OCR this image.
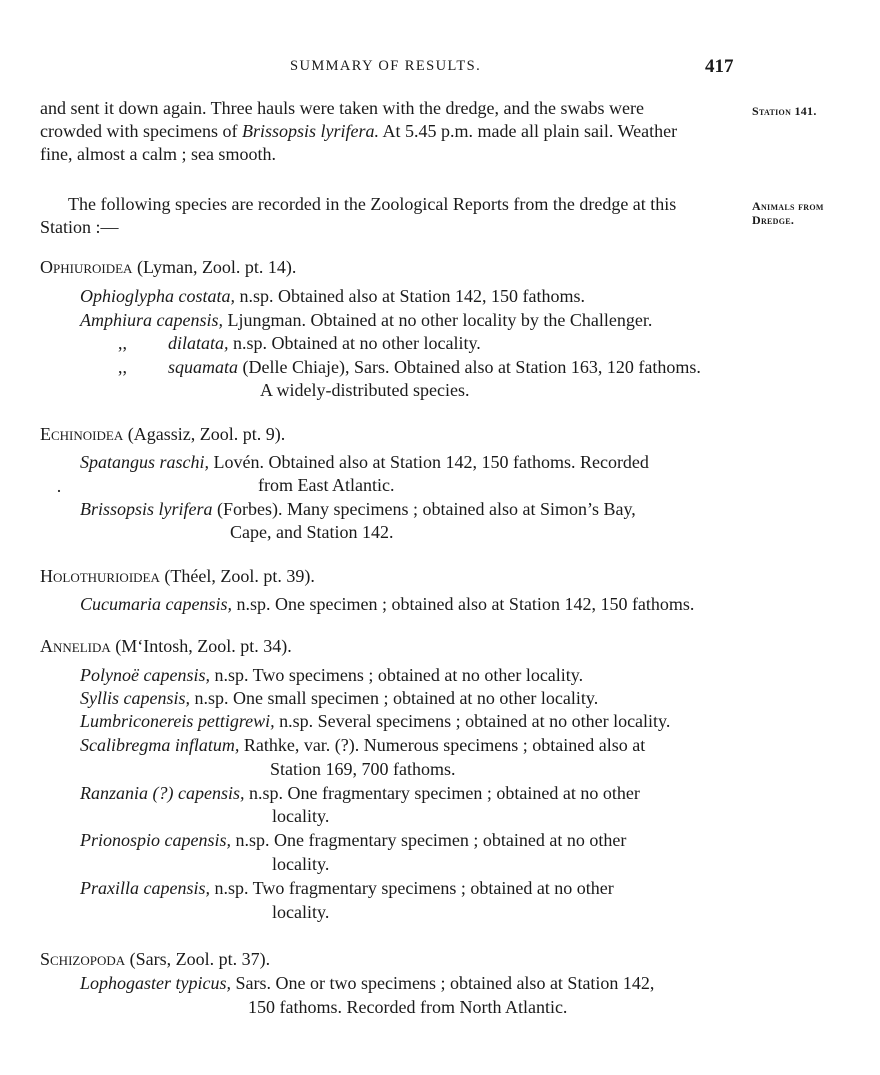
SUMMARY OF RESULTS.	417
Station 141.
Animals from
Dredge.
and sent it down again. Three hauls were taken with the dredge, and the swabs were
crowded with specimens of Brissopsis lyrifera. At 5.45 p.m. made all plain sail. Weather
fine, almost a calm ; sea smooth.
The following species are recorded in the Zoological Reports from the dredge at this
Station :—
Ophiuroidea (Lyman, Zool. pt. 14).
Ophioglypha costata, n.sp. Obtained also at Station 142, 150 fathoms.
Amphiura capensis, Ljungman. Obtained at no other locality by the Challenger.
,, dilatata, n.sp. Obtained at no other locality.
,, squamata (Delle Chiaje), Sars. Obtained also at Station 163, 120 fathoms.
A widely-distributed species.
Echinoidea (Agassiz, Zool. pt. 9).
Spatangus raschi, Lovén. Obtained also at Station 142, 150 fathoms. Recorded
from East Atlantic.
·
Brissopsis lyrifera (Forbes). Many specimens ; obtained also at Simon’s Bay,
Cape, and Station 142.
Holothurioidea (Théel, Zool. pt. 39).
Cucumaria capensis, n.sp. One specimen ; obtained also at Station 142, 150 fathoms.
Annelida (M‘Intosh, Zool. pt. 34).
Polynoë capensis, n.sp. Two specimens ; obtained at no other locality.
Syllis capensis, n.sp. One small specimen ; obtained at no other locality.
Lumbriconereis pettigrewi, n.sp. Several specimens ; obtained at no other locality.
Scalibregma inflatum, Rathke, var. (?). Numerous specimens ; obtained also at
Station 169, 700 fathoms.
Ranzania (?) capensis, n.sp. One fragmentary specimen ; obtained at no other
locality.
Prionospio capensis, n.sp. One fragmentary specimen ; obtained at no other
locality.
Praxilla capensis, n.sp. Two fragmentary specimens ; obtained at no other
locality.
Schizopoda (Sars, Zool. pt. 37).
Lophogaster typicus, Sars. One or two specimens ; obtained also at Station 142,
150 fathoms. Recorded from North Atlantic.
